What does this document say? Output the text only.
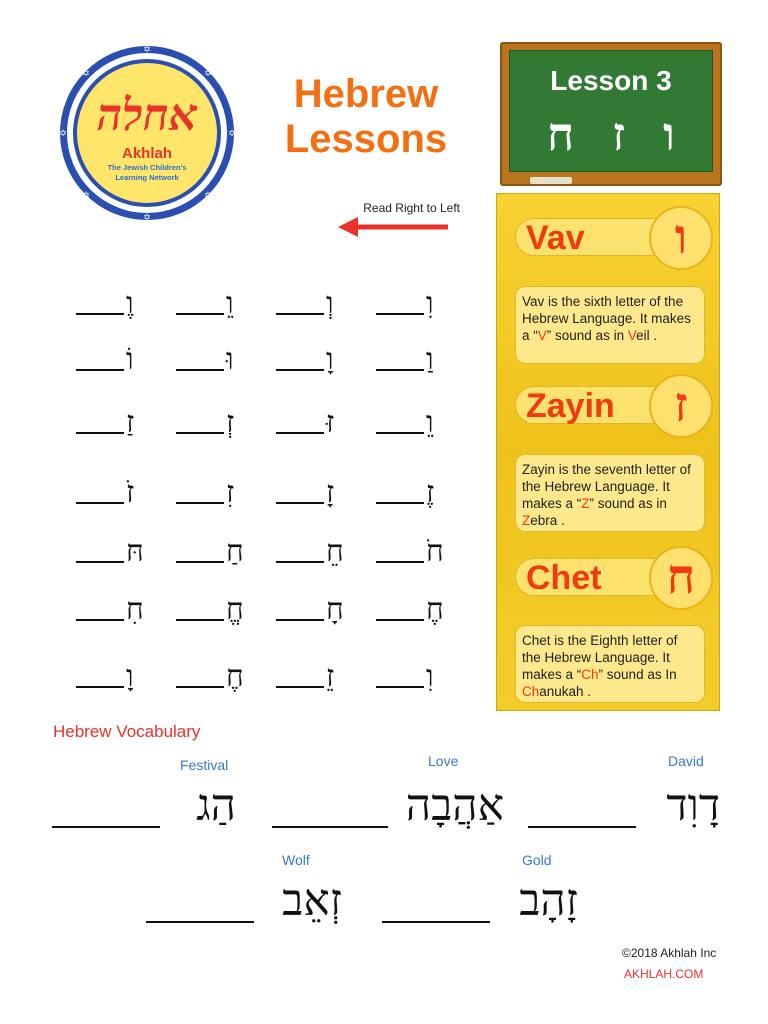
✡
✡
✡
✡
✡
✡
✡
✡
אחלה
Akhlah
The Jewish Children's
Learning Network
Hebrew
Lessons
Lesson 3
ח ז ו
Read Right to Left
וֶ	וֵ	וְ	וִ
וֹ	וּ	וָ	וַ
זַ	זְ	זּ	וֵ
זֹ	זִ	זָ	זֶ
חּ	חַ	חֵ	חֹ
חִ	חֱ	חָ	חֶ
וָ	חֶ	זֵ	וִ
Vav	ו
Vav is the sixth letter of the Hebrew Language. It makes a “V” sound as in Veil .
Zayin	ז
Zayin is the seventh letter of the Hebrew Language. It makes a “Z” sound as in Zebra .
Chet	ח
Chet is the Eighth letter of the Hebrew Language. It makes a “Ch” sound as In Chanukah .
Hebrew Vocabulary
David
דָוִד
Love
אַהֲבָה
Festival
הַג
Gold
זָהָב
Wolf
זְאֵב
©2018 Akhlah Inc
AKHLAH.COM
